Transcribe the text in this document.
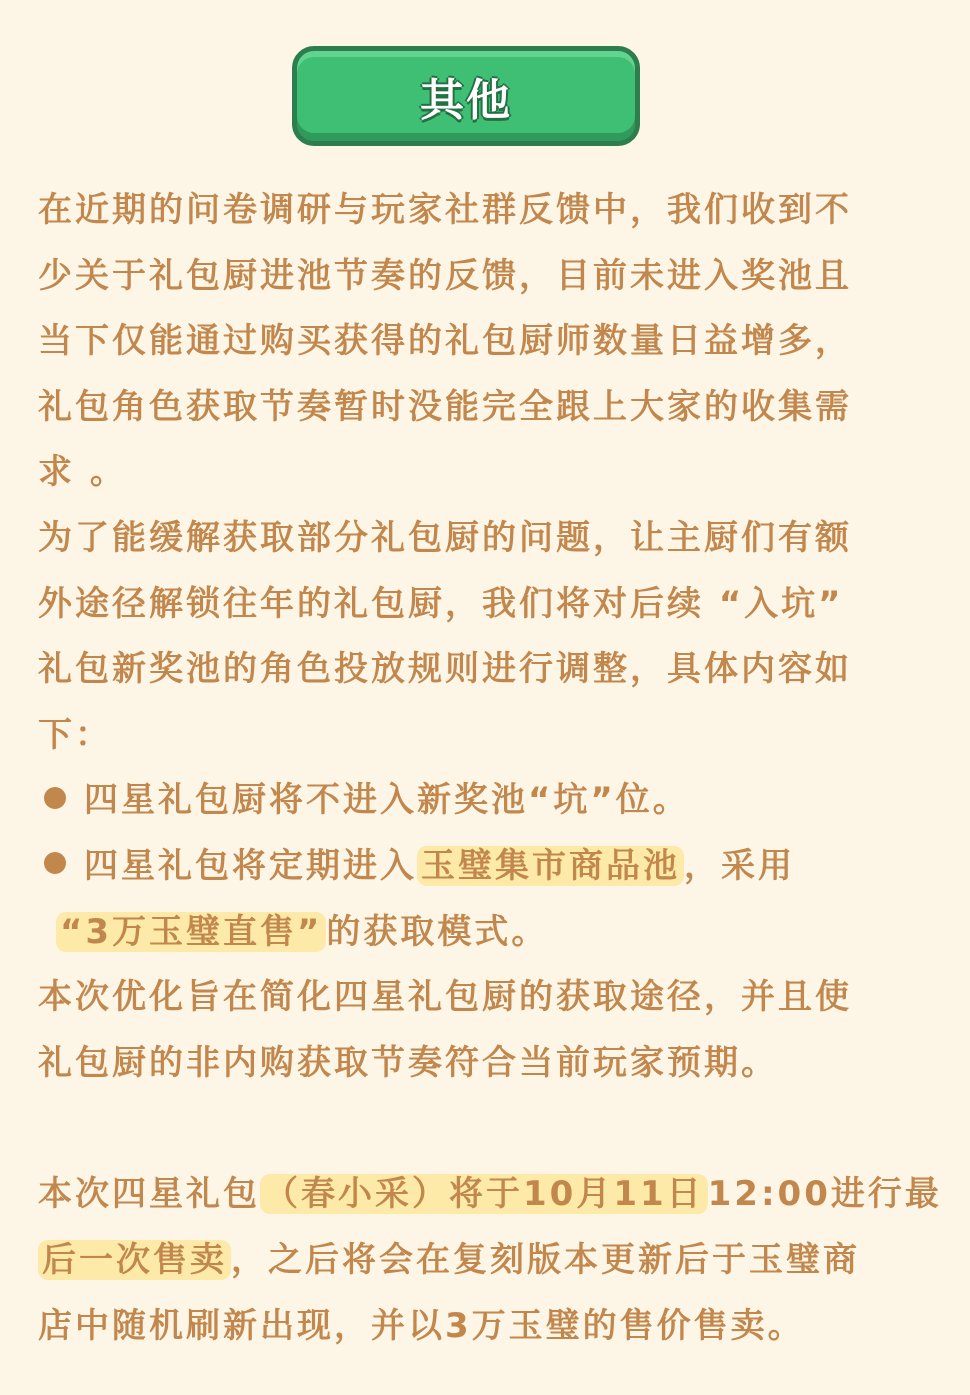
其他
在近期的问卷调研与玩家社群反馈中，我们收到不
少关于礼包厨进池节奏的反馈，目前未进入奖池且
当下仅能通过购买获得的礼包厨师数量日益增多，
礼包角色获取节奏暂时没能完全跟上大家的收集需
求 。
为了能缓解获取部分礼包厨的问题，让主厨们有额
外途径解锁往年的礼包厨，我们将对后续 “入坑”
礼包新奖池的角色投放规则进行调整，具体内容如
下：
四星礼包厨将不进入新奖池“坑”位。
四星礼包将定期进入 玉璧集市商品池 ，采用
“3万玉璧直售” 的获取模式。
本次优化旨在简化四星礼包厨的获取途径，并且使
礼包厨的非内购获取节奏符合当前玩家预期。
本次四星礼包 （春小采）将于10月11日 12:00进行最
后一次售卖 ，之后将会在复刻版本更新后于玉璧商
店中随机刷新出现，并以3万玉璧的售价售卖。
